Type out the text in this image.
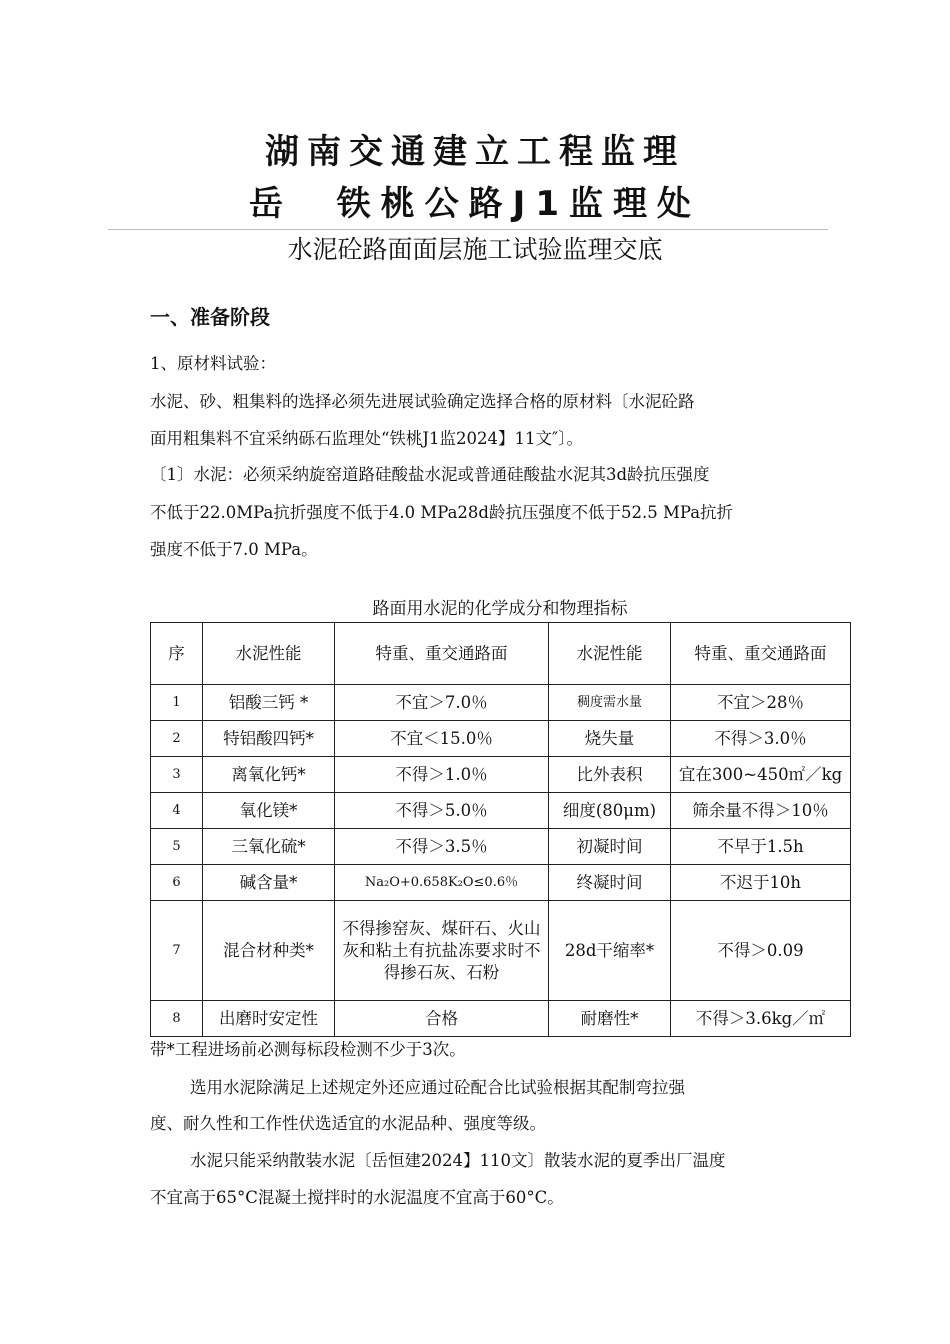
湖南交通建立工程监理
岳  铁桃公路J1监理处
水泥砼路面面层施工试验监理交底
一、准备阶段
1、原材料试验：
水泥、砂、粗集料的选择必须先进展试验确定选择合格的原材料〔水泥砼路
面用粗集料不宜采纳砾石监理处“铁桃J1监2024】11文″〕。
〔1〕水泥：必须采纳旋窑道路硅酸盐水泥或普通硅酸盐水泥其3d龄抗压强度
不低于22.0MPa抗折强度不低于4.0 MPa28d龄抗压强度不低于52.5 MPa抗折
强度不低于7.0 MPa。
路面用水泥的化学成分和物理指标
序	水泥性能	特重、重交通路面	水泥性能	特重、重交通路面
1	铝酸三钙 *	不宜＞7.0％	稠度需水量	不宜＞28％
2	特铝酸四钙*	不宜＜15.0％	烧失量	不得＞3.0％
3	离氧化钙*	不得＞1.0％	比外表积	宜在300~450㎡／kg
4	氧化镁*	不得＞5.0％	细度(80μm)	筛余量不得＞10％
5	三氧化硫*	不得＞3.5％	初凝时间	不早于1.5h
6	碱含量*	Na₂O+0.658K₂O≤0.6％	终凝时间	不迟于10h
7	混合材种类*	不得掺窑灰、煤矸石、火山灰和粘土有抗盐冻要求时不得掺石灰、石粉	28d干缩率*	不得＞0.09
8	出磨时安定性	合格	耐磨性*	不得＞3.6kg／㎡
带*工程进场前必测每标段检测不少于3次。
选用水泥除满足上述规定外还应通过砼配合比试验根据其配制弯拉强
度、耐久性和工作性伏选适宜的水泥品种、强度等级。
水泥只能采纳散装水泥〔岳恒建2024】110文〕散装水泥的夏季出厂温度
不宜高于65°C混凝土搅拌时的水泥温度不宜高于60°C。
